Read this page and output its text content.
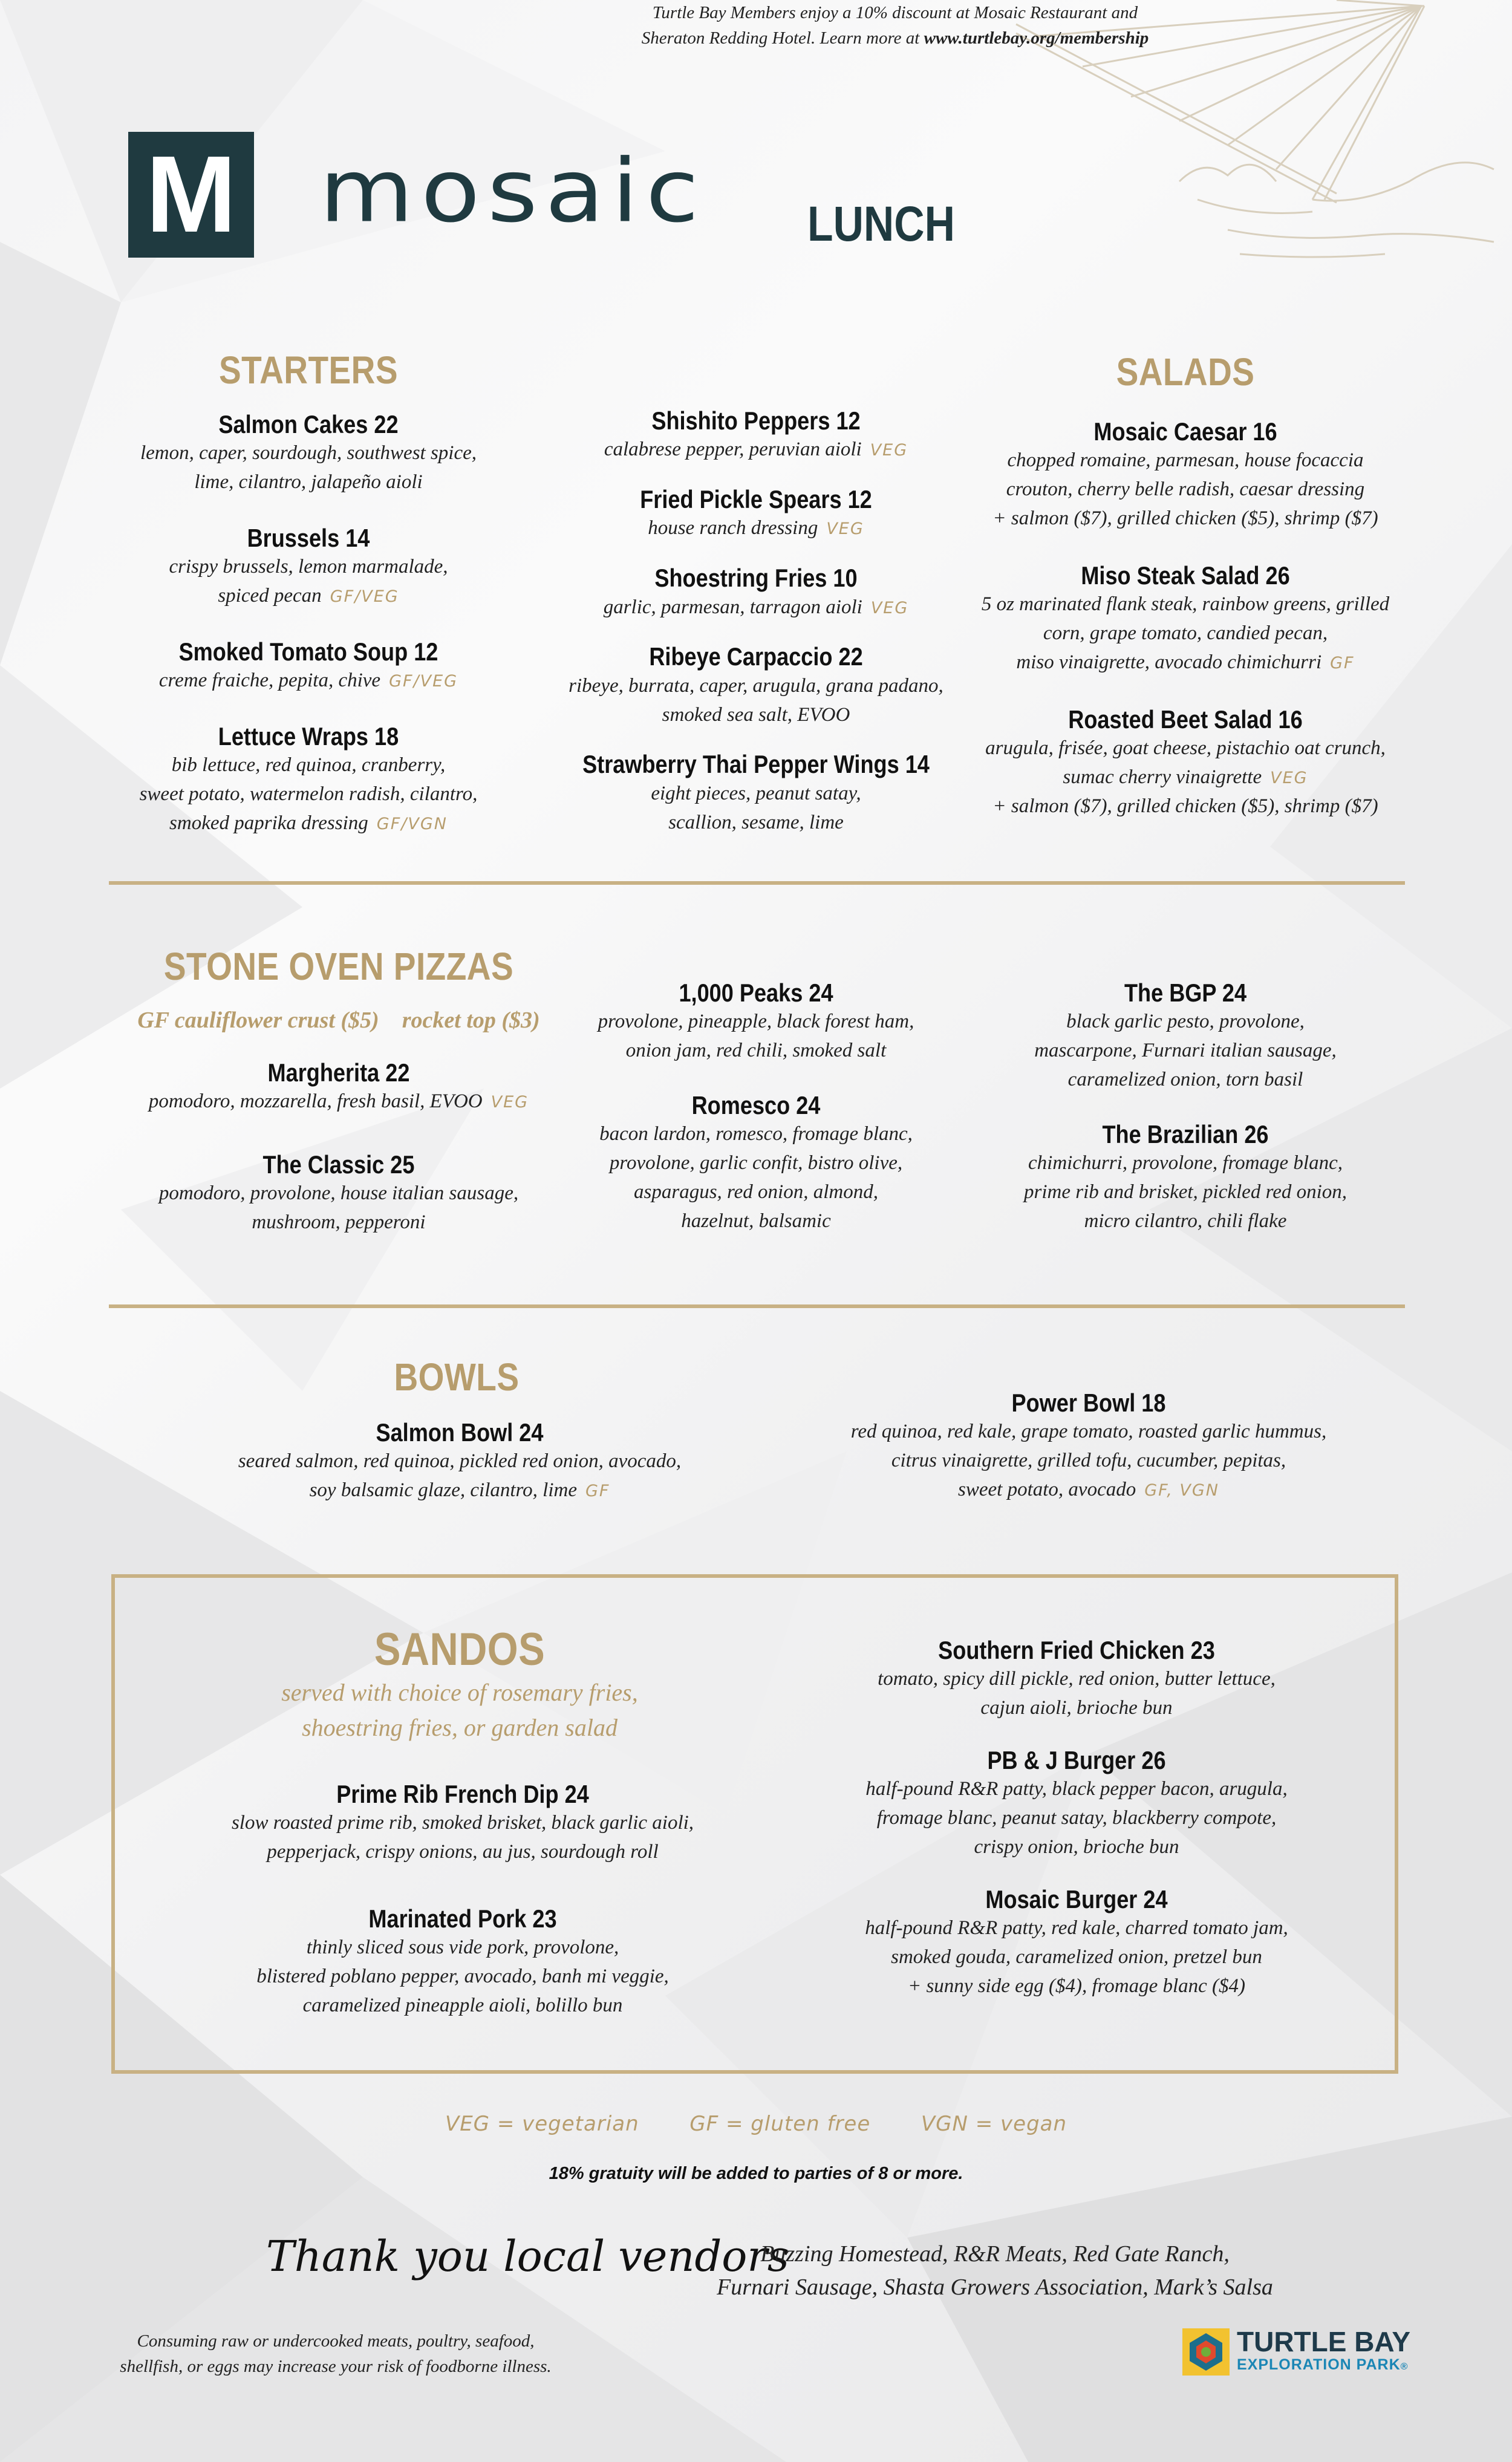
M mosaic LUNCH
STARTERS
Salmon Cakes 22
lemon, caper, sourdough, southwest spice,
lime, cilantro, jalapeño aioli
Brussels 14
crispy brussels, lemon marmalade,
spiced pecan GF/VEG
Smoked Tomato Soup 12
creme fraiche, pepita, chive GF/VEG
Lettuce Wraps 18
bib lettuce, red quinoa, cranberry,
sweet potato, watermelon radish, cilantro,
smoked paprika dressing GF/VGN
Shishito Peppers 12
calabrese pepper, peruvian aioli VEG
Fried Pickle Spears 12
house ranch dressing VEG
Shoestring Fries 10
garlic, parmesan, tarragon aioli VEG
Ribeye Carpaccio 22
ribeye, burrata, caper, arugula, grana padano,
smoked sea salt, EVOO
Strawberry Thai Pepper Wings 14
eight pieces, peanut satay,
scallion, sesame, lime
SALADS
Mosaic Caesar 16
chopped romaine, parmesan, house focaccia
crouton, cherry belle radish, caesar dressing
+ salmon ($7), grilled chicken ($5), shrimp ($7)
Miso Steak Salad 26
5 oz marinated flank steak, rainbow greens, grilled
corn, grape tomato, candied pecan,
miso vinaigrette, avocado chimichurri GF
Roasted Beet Salad 16
arugula, frisée, goat cheese, pistachio oat crunch,
sumac cherry vinaigrette VEG
+ salmon ($7), grilled chicken ($5), shrimp ($7)
STONE OVEN PIZZAS
GF cauliflower crust ($5)    rocket top ($3)
Margherita 22
pomodoro, mozzarella, fresh basil, EVOO VEG
The Classic 25
pomodoro, provolone, house italian sausage,
mushroom, pepperoni
1,000 Peaks 24
provolone, pineapple, black forest ham,
onion jam, red chili, smoked salt
Romesco 24
bacon lardon, romesco, fromage blanc,
provolone, garlic confit, bistro olive,
asparagus, red onion, almond,
hazelnut, balsamic
The BGP 24
black garlic pesto, provolone,
mascarpone, Furnari italian sausage,
caramelized onion, torn basil
The Brazilian 26
chimichurri, provolone, fromage blanc,
prime rib and brisket, pickled red onion,
micro cilantro, chili flake
BOWLS
Salmon Bowl 24
seared salmon, red quinoa, pickled red onion, avocado,
soy balsamic glaze, cilantro, lime GF
Power Bowl 18
red quinoa, red kale, grape tomato, roasted garlic hummus,
citrus vinaigrette, grilled tofu, cucumber, pepitas,
sweet potato, avocado GF, VGN
SANDOS
served with choice of rosemary fries,
shoestring fries, or garden salad
Prime Rib French Dip 24
slow roasted prime rib, smoked brisket, black garlic aioli,
pepperjack, crispy onions, au jus, sourdough roll
Marinated Pork 23
thinly sliced sous vide pork, provolone,
blistered poblano pepper, avocado, banh mi veggie,
caramelized pineapple aioli, bolillo bun
Southern Fried Chicken 23
tomato, spicy dill pickle, red onion, butter lettuce,
cajun aioli, brioche bun
PB & J Burger 26
half-pound R&R patty, black pepper bacon, arugula,
fromage blanc, peanut satay, blackberry compote,
crispy onion, brioche bun
Mosaic Burger 24
half-pound R&R patty, red kale, charred tomato jam,
smoked gouda, caramelized onion, pretzel bun
+ sunny side egg ($4), fromage blanc ($4)
VEG = vegetarian GF = gluten free VGN = vegan
18% gratuity will be added to parties of 8 or more.
Thank you local vendors
Buzzing Homestead, R&R Meats, Red Gate Ranch,
Furnari Sausage, Shasta Growers Association, Mark’s Salsa
Consuming raw or undercooked meats, poultry, seafood,
shellfish, or eggs may increase your risk of foodborne illness.
Turtle Bay Members enjoy a 10% discount at Mosaic Restaurant and
Sheraton Redding Hotel. Learn more at www.turtlebay.org/membership
TURTLE BAY
EXPLORATION PARK®
